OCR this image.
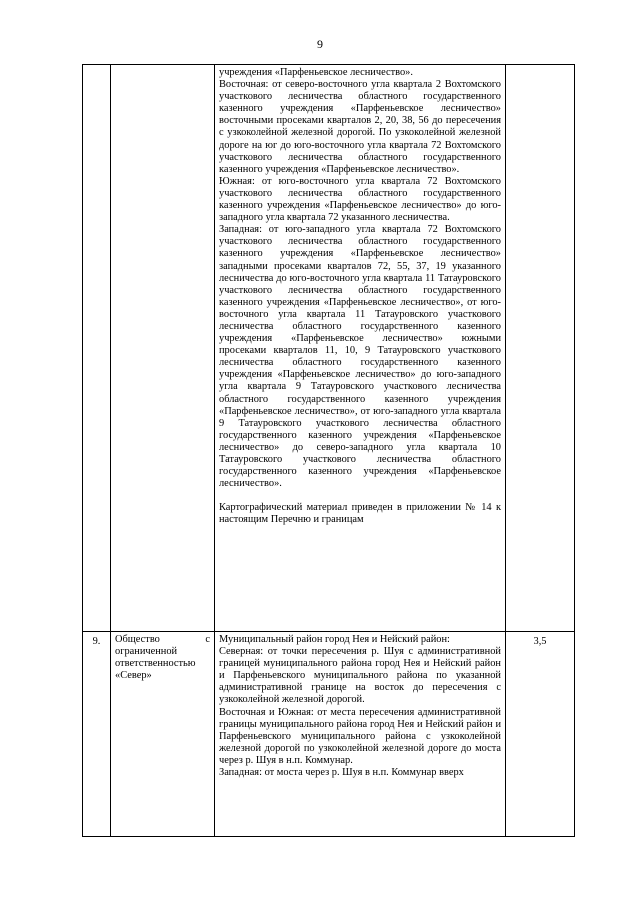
9

		учреждения «Парфеньевское лесничество».

Восточная: от северо-восточного угла квартала 2 Вохтомского участкового лесничества областного государственного казенного учреждения «Парфеньевское лесничество» восточными просеками кварталов 2, 20, 38, 56 до пересечения с узкоколейной железной дорогой. По узкоколейной железной дороге на юг до юго-восточного угла квартала 72 Вохтомского участкового лесничества областного государственного казенного учреждения «Парфеньевское лесничество».

Южная: от юго-восточного угла квартала 72 Вохтомского участкового лесничества областного государственного казенного учреждения «Парфеньевское лесничество» до юго-западного угла квартала 72 указанного лесничества.

Западная: от юго-западного угла квартала 72 Вохтомского участкового лесничества областного государственного казенного учреждения «Парфеньевское лесничество» западными просеками кварталов 72, 55, 37, 19 указанного лесничества до юго-восточного угла квартала 11 Татауровского участкового лесничества областного государственного казенного учреждения «Парфеньевское лесничество», от юго-восточного угла квартала 11 Татауровского участкового лесничества областного государственного казенного учреждения «Парфеньевское лесничество» южными просеками кварталов 11, 10, 9 Татауровского участкового лесничества областного государственного казенного учреждения «Парфеньевское лесничество» до юго-западного угла квартала 9 Татауровского участкового лесничества областного государственного казенного учреждения «Парфеньевское лесничество», от юго-западного угла квартала 9 Татауровского участкового лесничества областного государственного казенного учреждения «Парфеньевское лесничество» до северо-западного угла квартала 10 Татауровского участкового лесничества областного государственного казенного учреждения «Парфеньевское лесничество».

Картографический материал приведен в приложении № 14 к настоящим Перечню и границам	

9.	Общество с ограниченной ответственностью «Север»	Муниципальный район город Нея и Нейский район:

Северная: от точки пересечения р. Шуя с административной границей муниципального района город Нея и Нейский район и Парфеньевского муниципального района по указанной административной границе на восток до пересечения с узкоколейной железной дорогой.

Восточная и Южная: от места пересечения административной границы муниципального района город Нея и Нейский район и Парфеньевского муниципального района с узкоколейной железной дорогой по узкоколейной железной дороге до моста через р. Шуя в н.п. Коммунар.

Западная: от моста через р. Шуя в н.п. Коммунар вверх	3,5
